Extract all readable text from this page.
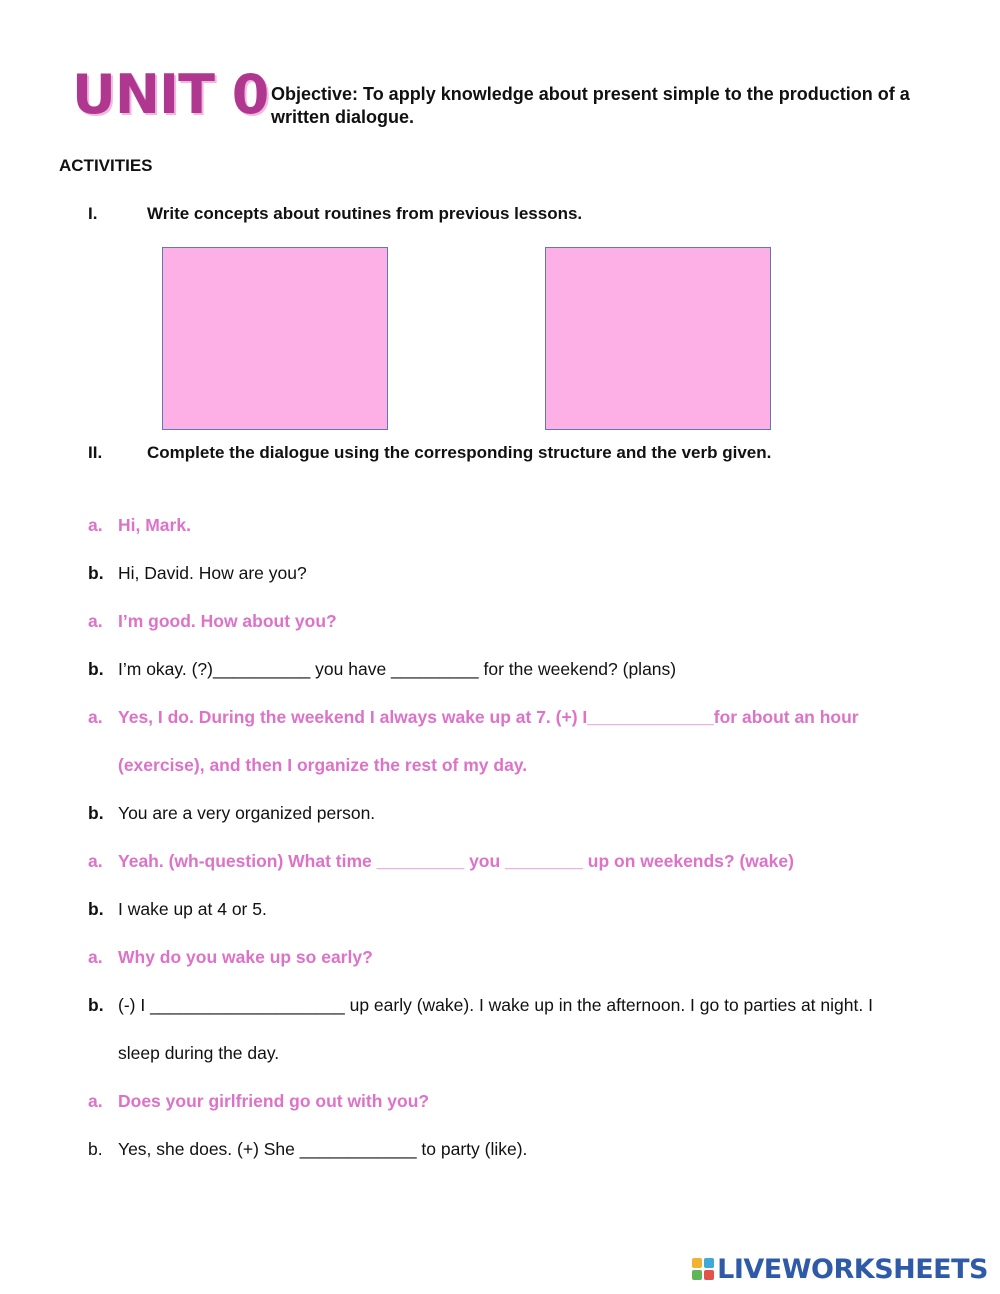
UNIT 0 Objective: To apply knowledge about present simple to the production of a written dialogue.
ACTIVITIES
I.	Write concepts about routines from previous lessons.
II.	Complete the dialogue using the corresponding structure and the verb given.
a. Hi, Mark.
b. Hi, David. How are you?
a. I’m good. How about you?
b. I’m okay. (?)__________ you have _________ for the weekend? (plans)
a. Yes, I do. During the weekend I always wake up at 7. (+) I_____________for about an hour
(exercise), and then I organize the rest of my day.
b. You are a very organized person.
a. Yeah. (wh-question) What time _________ you ________ up on weekends? (wake)
b. I wake up at 4 or 5.
a. Why do you wake up so early?
b. (-) I ____________________ up early (wake). I wake up in the afternoon. I go to parties at night. I
sleep during the day.
a. Does your girlfriend go out with you?
b. Yes, she does. (+) She ____________ to party (like).
LIVEWORKSHEETS
